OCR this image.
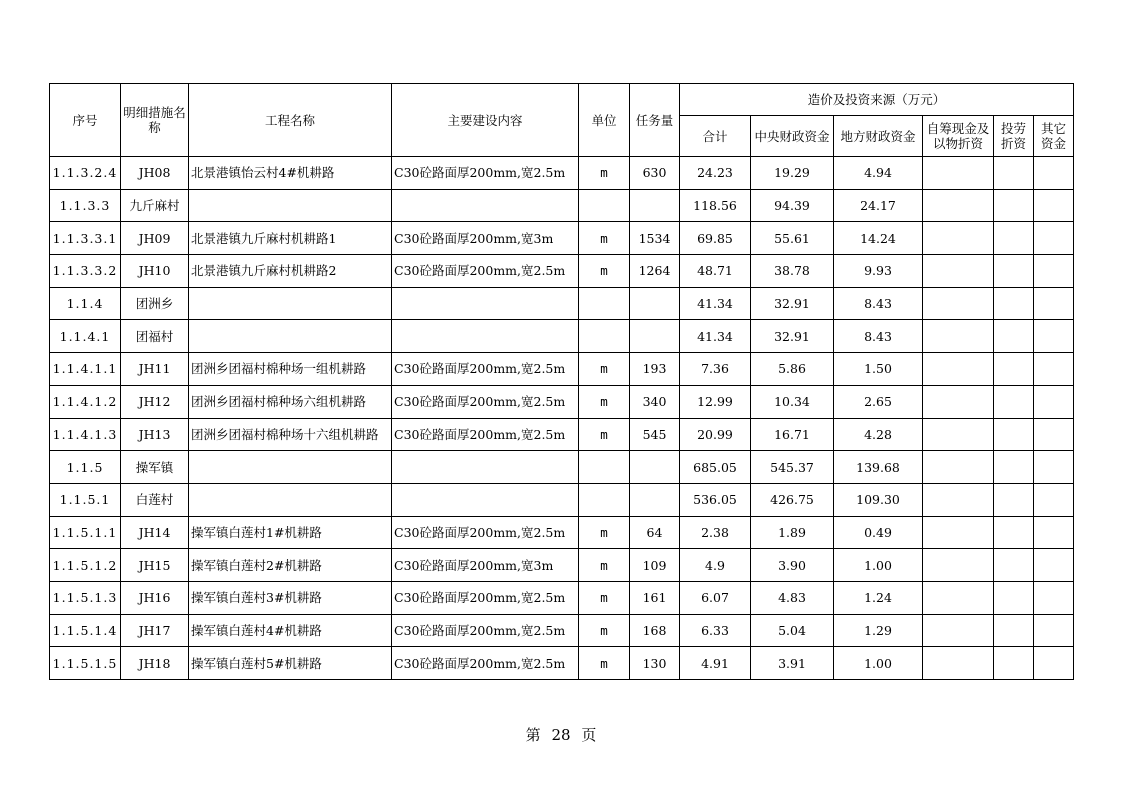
序号	明细措施名称	工程名称	主要建设内容	单位	任务量	造价及投资来源（万元）					
						合计	中央财政资金	地方财政资金	自筹现金及以物折资	投劳折资	其它资金
1.1.3.2.4	JH08	北景港镇怡云村4#机耕路	C30砼路面厚200mm,宽2.5m	m	630	24.23	19.29	4.94			
1.1.3.3	九斤麻村					118.56	94.39	24.17			
1.1.3.3.1	JH09	北景港镇九斤麻村机耕路1	C30砼路面厚200mm,宽3m	m	1534	69.85	55.61	14.24			
1.1.3.3.2	JH10	北景港镇九斤麻村机耕路2	C30砼路面厚200mm,宽2.5m	m	1264	48.71	38.78	9.93			
1.1.4	团洲乡					41.34	32.91	8.43			
1.1.4.1	团福村					41.34	32.91	8.43			
1.1.4.1.1	JH11	团洲乡团福村棉种场一组机耕路	C30砼路面厚200mm,宽2.5m	m	193	7.36	5.86	1.50			
1.1.4.1.2	JH12	团洲乡团福村棉种场六组机耕路	C30砼路面厚200mm,宽2.5m	m	340	12.99	10.34	2.65			
1.1.4.1.3	JH13	团洲乡团福村棉种场十六组机耕路	C30砼路面厚200mm,宽2.5m	m	545	20.99	16.71	4.28			
1.1.5	操军镇					685.05	545.37	139.68			
1.1.5.1	白莲村					536.05	426.75	109.30			
1.1.5.1.1	JH14	操军镇白莲村1#机耕路	C30砼路面厚200mm,宽2.5m	m	64	2.38	1.89	0.49			
1.1.5.1.2	JH15	操军镇白莲村2#机耕路	C30砼路面厚200mm,宽3m	m	109	4.9	3.90	1.00			
1.1.5.1.3	JH16	操军镇白莲村3#机耕路	C30砼路面厚200mm,宽2.5m	m	161	6.07	4.83	1.24			
1.1.5.1.4	JH17	操军镇白莲村4#机耕路	C30砼路面厚200mm,宽2.5m	m	168	6.33	5.04	1.29			
1.1.5.1.5	JH18	操军镇白莲村5#机耕路	C30砼路面厚200mm,宽2.5m	m	130	4.91	3.91	1.00			
第 28 页
